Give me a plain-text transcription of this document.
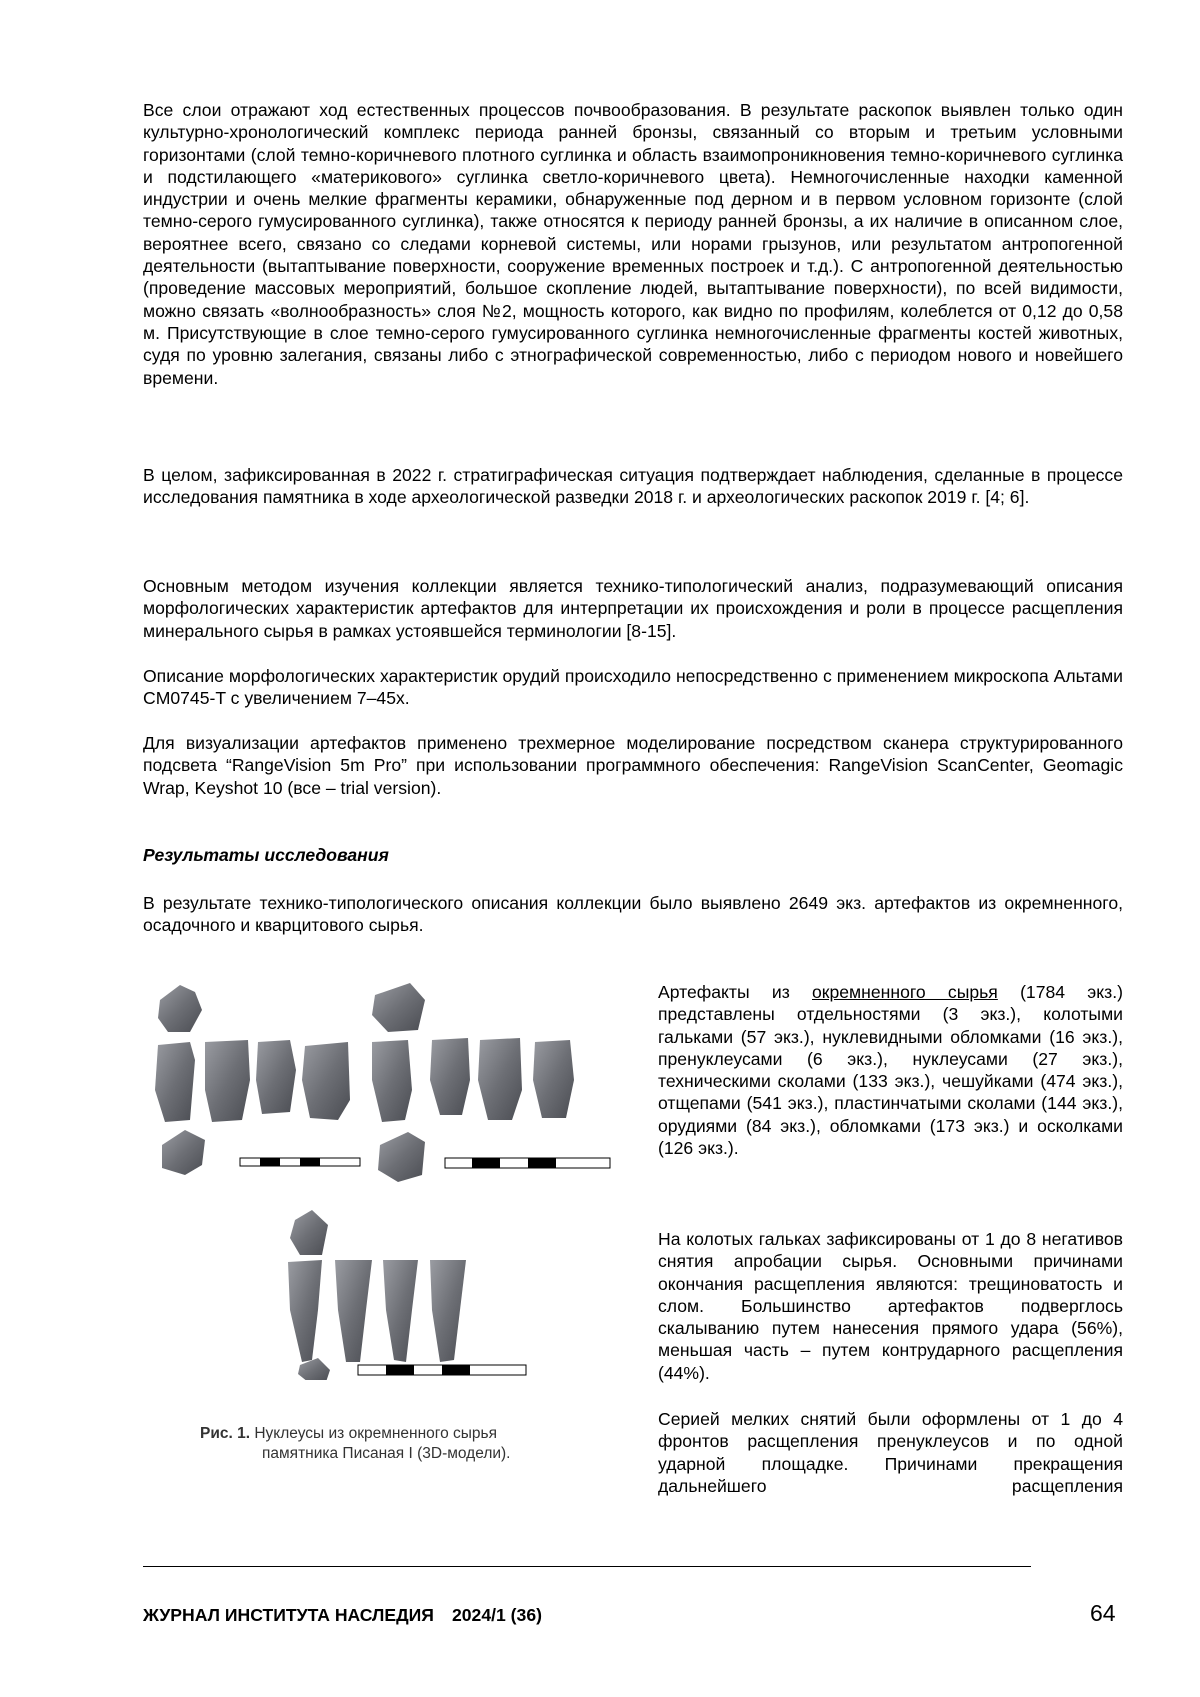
Все слои отражают ход естественных процессов почвообразования. В результате раскопок выявлен только один культурно-хронологический комплекс периода ранней бронзы, связанный со вторым и третьим условными горизонтами (слой темно-коричневого плотного суглинка и область взаимопроникновения темно-коричневого суглинка и подстилающего «материкового» суглинка светло-коричневого цвета). Немногочисленные находки каменной индустрии и очень мелкие фрагменты керамики, обнаруженные под дерном и в первом условном горизонте (слой темно-серого гумусированного суглинка), также относятся к периоду ранней бронзы, а их наличие в описанном слое, вероятнее всего, связано со следами корневой системы, или норами грызунов, или результатом антропогенной деятельности (вытаптывание поверхности, сооружение временных построек и т.д.). С антропогенной деятельностью (проведение массовых мероприятий, большое скопление людей, вытаптывание поверхности), по всей видимости, можно связать «волнообразность» слоя №2, мощность которого, как видно по профилям, колеблется от 0,12 до 0,58 м. Присутствующие в слое темно-серого гумусированного суглинка немногочисленные фрагменты костей животных, судя по уровню залегания, связаны либо с этнографической современностью, либо с периодом нового и новейшего времени.

В целом, зафиксированная в 2022 г. стратиграфическая ситуация подтверждает наблюдения, сделанные в процессе исследования памятника в ходе археологической разведки 2018 г. и археологических раскопок 2019 г. [4; 6].

Основным методом изучения коллекции является технико-типологический анализ, подразумевающий описания морфологических характеристик артефактов для интерпретации их происхождения и роли в процессе расщепления минерального сырья в рамках устоявшейся терминологии [8-15].

Описание морфологических характеристик орудий происходило непосредственно с применением микроскопа Альтами CM0745-T с увеличением 7–45x.

Для визуализации артефактов применено трехмерное моделирование посредством сканера структурированного подсвета “RangeVision 5m Pro” при использовании программного обеспечения: RangeVision ScanCenter, Geomagic Wrap, Keyshot 10 (все – trial version).

Результаты исследования

В результате технико-типологического описания коллекции было выявлено 2649 экз. артефактов из окремненного, осадочного и кварцитового сырья.

Рис. 1. Нуклеусы из окремненного сырья
памятника Писаная I (3D-модели).

Артефакты из окремненного сырья (1784 экз.) представлены отдельностями (3 экз.), колотыми гальками (57 экз.), нуклевидными обломками (16 экз.), пренуклеусами (6 экз.), нуклеусами (27 экз.), техническими сколами (133 экз.), чешуйками (474 экз.), отщепами (541 экз.), пластинчатыми сколами (144 экз.), орудиями (84 экз.), обломками (173 экз.) и осколками (126 экз.).

На колотых гальках зафиксированы от 1 до 8 негативов снятия апробации сырья. Основными причинами окончания расщепления являются: трещиноватость и слом. Большинство артефактов подверглось скалыванию путем нанесения прямого удара (56%), меньшая часть – путем контрударного расщепления (44%).

Серией мелких снятий были оформлены от 1 до 4 фронтов расщепления пренуклеусов и по одной ударной площадке. Причинами прекращения дальнейшего расщепления

ЖУРНАЛ ИНСТИТУТА НАСЛЕДИЯ 2024/1 (36)	64
